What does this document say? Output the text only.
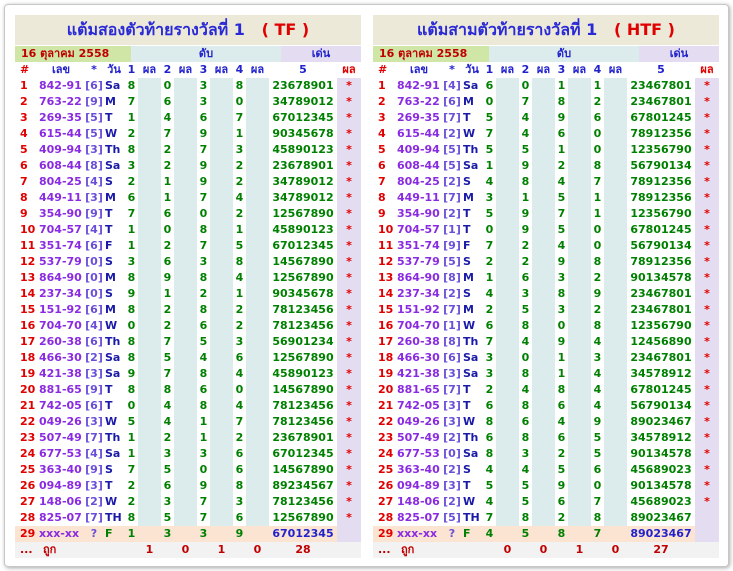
แต้มสองตัวท้ายรางวัลที่ 1 ( TF )
16 ตุลาคม 2558	ดับ	เด่น
#	เลข	*	วัน	1	ผล	2	ผล	3	ผล	4	ผล	5	ผล
1	842-91	[6]	Sa	8		0		3		8		23678901	*
2	763-22	[9]	M	7		6		3		0		34789012	*
3	269-35	[5]	T	1		4		6		7		67012345	*
4	615-44	[5]	W	2		7		9		1		90345678	*
5	409-94	[3]	Th	8		2		7		3		45890123	*
6	608-44	[8]	Sa	3		2		9		2		23678901	*
7	804-25	[4]	S	2		1		9		2		34789012	*
8	449-11	[3]	M	6		1		7		4		34789012	*
9	354-90	[9]	T	7		6		0		2		12567890	*
10	704-57	[4]	T	1		0		8		1		45890123	*
11	351-74	[6]	F	1		2		7		5		67012345	*
12	537-79	[0]	S	3		6		3		8		14567890	*
13	864-90	[0]	M	8		9		8		4		12567890	*
14	237-34	[0]	S	9		1		2		1		90345678	*
15	151-92	[6]	M	8		2		8		2		78123456	*
16	704-70	[4]	W	0		2		6		2		78123456	*
17	260-38	[6]	Th	8		7		5		3		56901234	*
18	466-30	[2]	Sa	8		5		4		6		12567890	*
19	421-38	[3]	Sa	9		7		8		4		45890123	*
20	881-65	[9]	T	8		8		6		0		14567890	*
21	742-05	[6]	T	0		4		8		4		78123456	*
22	049-26	[3]	W	5		4		1		7		78123456	*
23	507-49	[7]	Th	1		2		1		2		23678901	*
24	677-53	[4]	Sa	1		3		3		6		67012345	*
25	363-40	[9]	S	7		5		0		6		14567890	*
26	094-89	[3]	T	2		6		9		8		89234567	*
27	148-06	[2]	W	2		3		7		3		78123456	*
28	825-07	[7]	TH	8		5		7		6		12567890	*
29	xxx-xx	?	F	1		3		3		9		67012345	
...	ถูก				1		0		1		0	28	
แต้มสามตัวท้ายรางวัลที่ 1 ( HTF )
16 ตุลาคม 2558	ดับ	เด่น
#	เลข	*	วัน	1	ผล	2	ผล	3	ผล	4	ผล	5	ผล
1	842-91	[4]	Sa	6		0		1		1		23467801	*
2	763-22	[6]	M	0		7		8		2		23467801	*
3	269-35	[7]	T	5		4		9		6		67801245	*
4	615-44	[2]	W	7		4		6		0		78912356	*
5	409-94	[5]	Th	5		5		1		0		12356790	*
6	608-44	[5]	Sa	1		9		2		8		56790134	*
7	804-25	[2]	S	4		8		4		7		78912356	*
8	449-11	[7]	M	3		1		5		1		78912356	*
9	354-90	[2]	T	5		9		7		1		12356790	*
10	704-57	[1]	T	0		9		5		0		67801245	*
11	351-74	[9]	F	7		2		4		0		56790134	*
12	537-79	[5]	S	2		2		9		8		78912356	*
13	864-90	[8]	M	1		6		3		2		90134578	*
14	237-34	[2]	S	4		3		8		9		23467801	*
15	151-92	[7]	M	2		5		3		2		23467801	*
16	704-70	[1]	W	6		8		0		8		12356790	*
17	260-38	[8]	Th	7		4		9		4		12456890	*
18	466-30	[6]	Sa	3		0		1		3		23467801	*
19	421-38	[3]	Sa	3		8		1		4		34578912	*
20	881-65	[7]	T	2		4		8		4		67801245	*
21	742-05	[3]	T	6		8		6		4		56790134	*
22	049-26	[3]	W	8		6		4		9		89023467	*
23	507-49	[2]	Th	6		8		6		5		34578912	*
24	677-53	[0]	Sa	8		3		2		5		90134578	*
25	363-40	[2]	S	4		4		5		6		45689023	*
26	094-89	[3]	T	5		5		9		0		90134578	*
27	148-06	[2]	W	4		5		6		7		45689023	*
28	825-07	[5]	TH	7		8		2		8		89023467	
29	xxx-xx	?	F	4		5		8		7		89023467	
...	ถูก				0		0		1		0	27	
